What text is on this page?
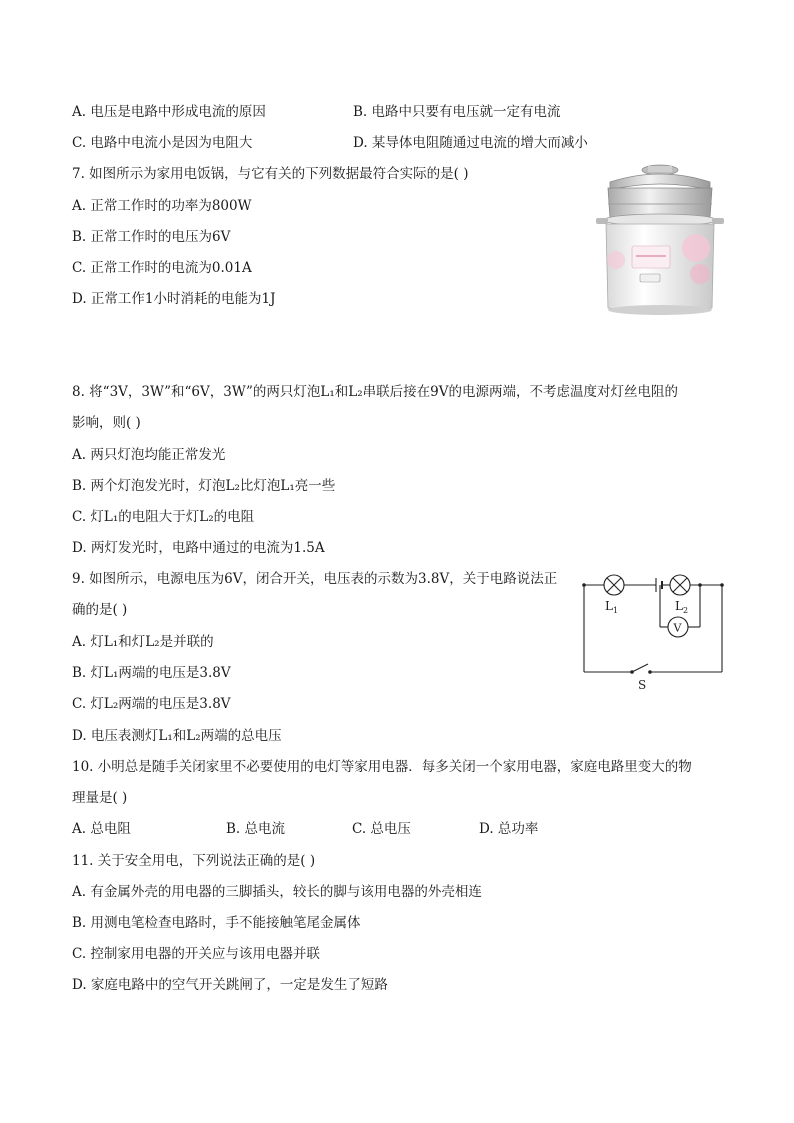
A. 电压是电路中形成电流的原因	B. 电路中只要有电压就一定有电流
C. 电路中电流小是因为电阻大	D. 某导体电阻随通过电流的增大而减小
7. 如图所示为家用电饭锅，与它有关的下列数据最符合实际的是( )
A. 正常工作时的功率为800W
B. 正常工作时的电压为6V
C. 正常工作时的电流为0.01A
D. 正常工作1小时消耗的电能为1J
8. 将“3V，3W”和“6V，3W”的两只灯泡L₁和L₂串联后接在9V的电源两端，不考虑温度对灯丝电阻的
影响，则( )
A. 两只灯泡均能正常发光
B. 两个灯泡发光时，灯泡L₂比灯泡L₁亮一些
C. 灯L₁的电阻大于灯L₂的电阻
D. 两灯发光时，电路中通过的电流为1.5A
9. 如图所示，电源电压为6V，闭合开关，电压表的示数为3.8V，关于电路说法正
确的是( )
A. 灯L₁和灯L₂是并联的
B. 灯L₁两端的电压是3.8V
C. 灯L₂两端的电压是3.8V
D. 电压表测灯L₁和L₂两端的总电压
$L_1$	$L_2$
V
S
10. 小明总是随手关闭家里不必要使用的电灯等家用电器．每多关闭一个家用电器，家庭电路里变大的物
理量是( )
A. 总电阻	B. 总电流	C. 总电压	D. 总功率
11. 关于安全用电，下列说法正确的是( )
A. 有金属外壳的用电器的三脚插头，较长的脚与该用电器的外壳相连
B. 用测电笔检查电路时，手不能接触笔尾金属体
C. 控制家用电器的开关应与该用电器并联
D. 家庭电路中的空气开关跳闸了，一定是发生了短路
